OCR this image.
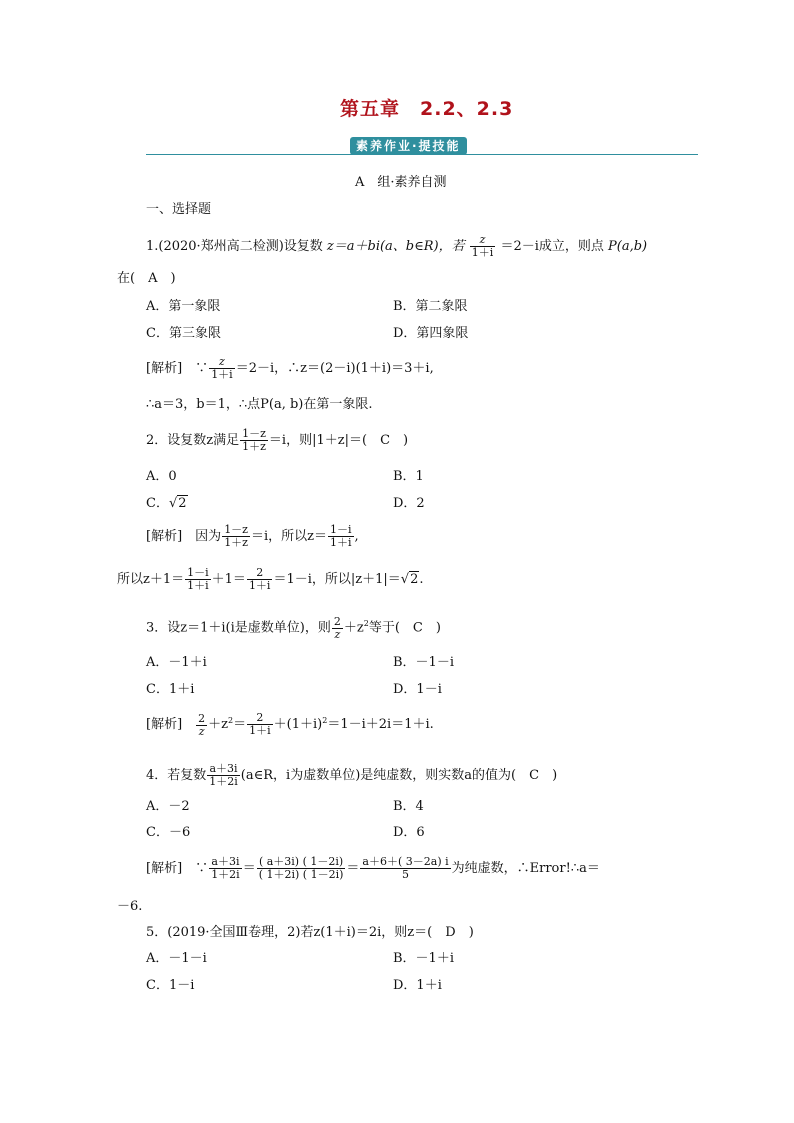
第五章　2.2、2.3
素养作业·提技能
A　组·素养自测
一、选择题
1.(2020·郑州高二检测)设复数 z＝a＋bi(a、b∈R)，若 $\frac{z}{1+i} =2-i$成立，则点 P(a,b)
在(　 A　 )
A．第一象限	B．第二象限
C．第三象限	D．第四象限
[解析]　 ∵ $\frac{z}{1+i} =2-i$，∴z＝(2－i)(1＋i)＝3＋i,
∴a＝3，b＝1，∴点P(a, b)在第一象限.
2．设复数z满足 $\frac{1-z}{1+z} =i$，则|1＋z|＝(　 C　 )
A．0	B．1
C．√2	D．2
[解析]　 因为 $\frac{1-z}{1+z} =i$，所以$z= \frac{1-i}{1+i}$ ,
所以$z+1= \frac{1-i}{1+i} +1= \frac{2}{1+i} =1-i$，所以|z＋1|＝√2.
3．设z＝1＋i(i是虚数单位)，则 $\frac{2}{z}+z^2$等于(　 C　 )
A．－1＋i	B．－1－i
C．1＋i	D．1－i
[解析]　 $\frac{2}{z}+z^2= \frac{2}{1+i} +(1+i)^2=1-i+2i=1+i$.
4．若复数 $\frac{a+3i}{1+2i}$ (a∈R，i为虚数单位)是纯虚数，则实数a的值为(　 C　 )
A．－2	B．4
C．－6	D．6
[解析]　 ∵ $\frac{a+3i}{1+2i} = \frac{( a+3i) ( 1-2i)}{( 1+2i) ( 1-2i)} = \frac{a+6+( 3-2a) i}{5}$ 为纯虚数，∴Error!∴a＝
－6.
5．(2019·全国Ⅲ卷理，2)若z(1＋i)＝2i，则z＝(　 D　 )
A．－1－i	B．－1＋i
C．1－i	D．1＋i
